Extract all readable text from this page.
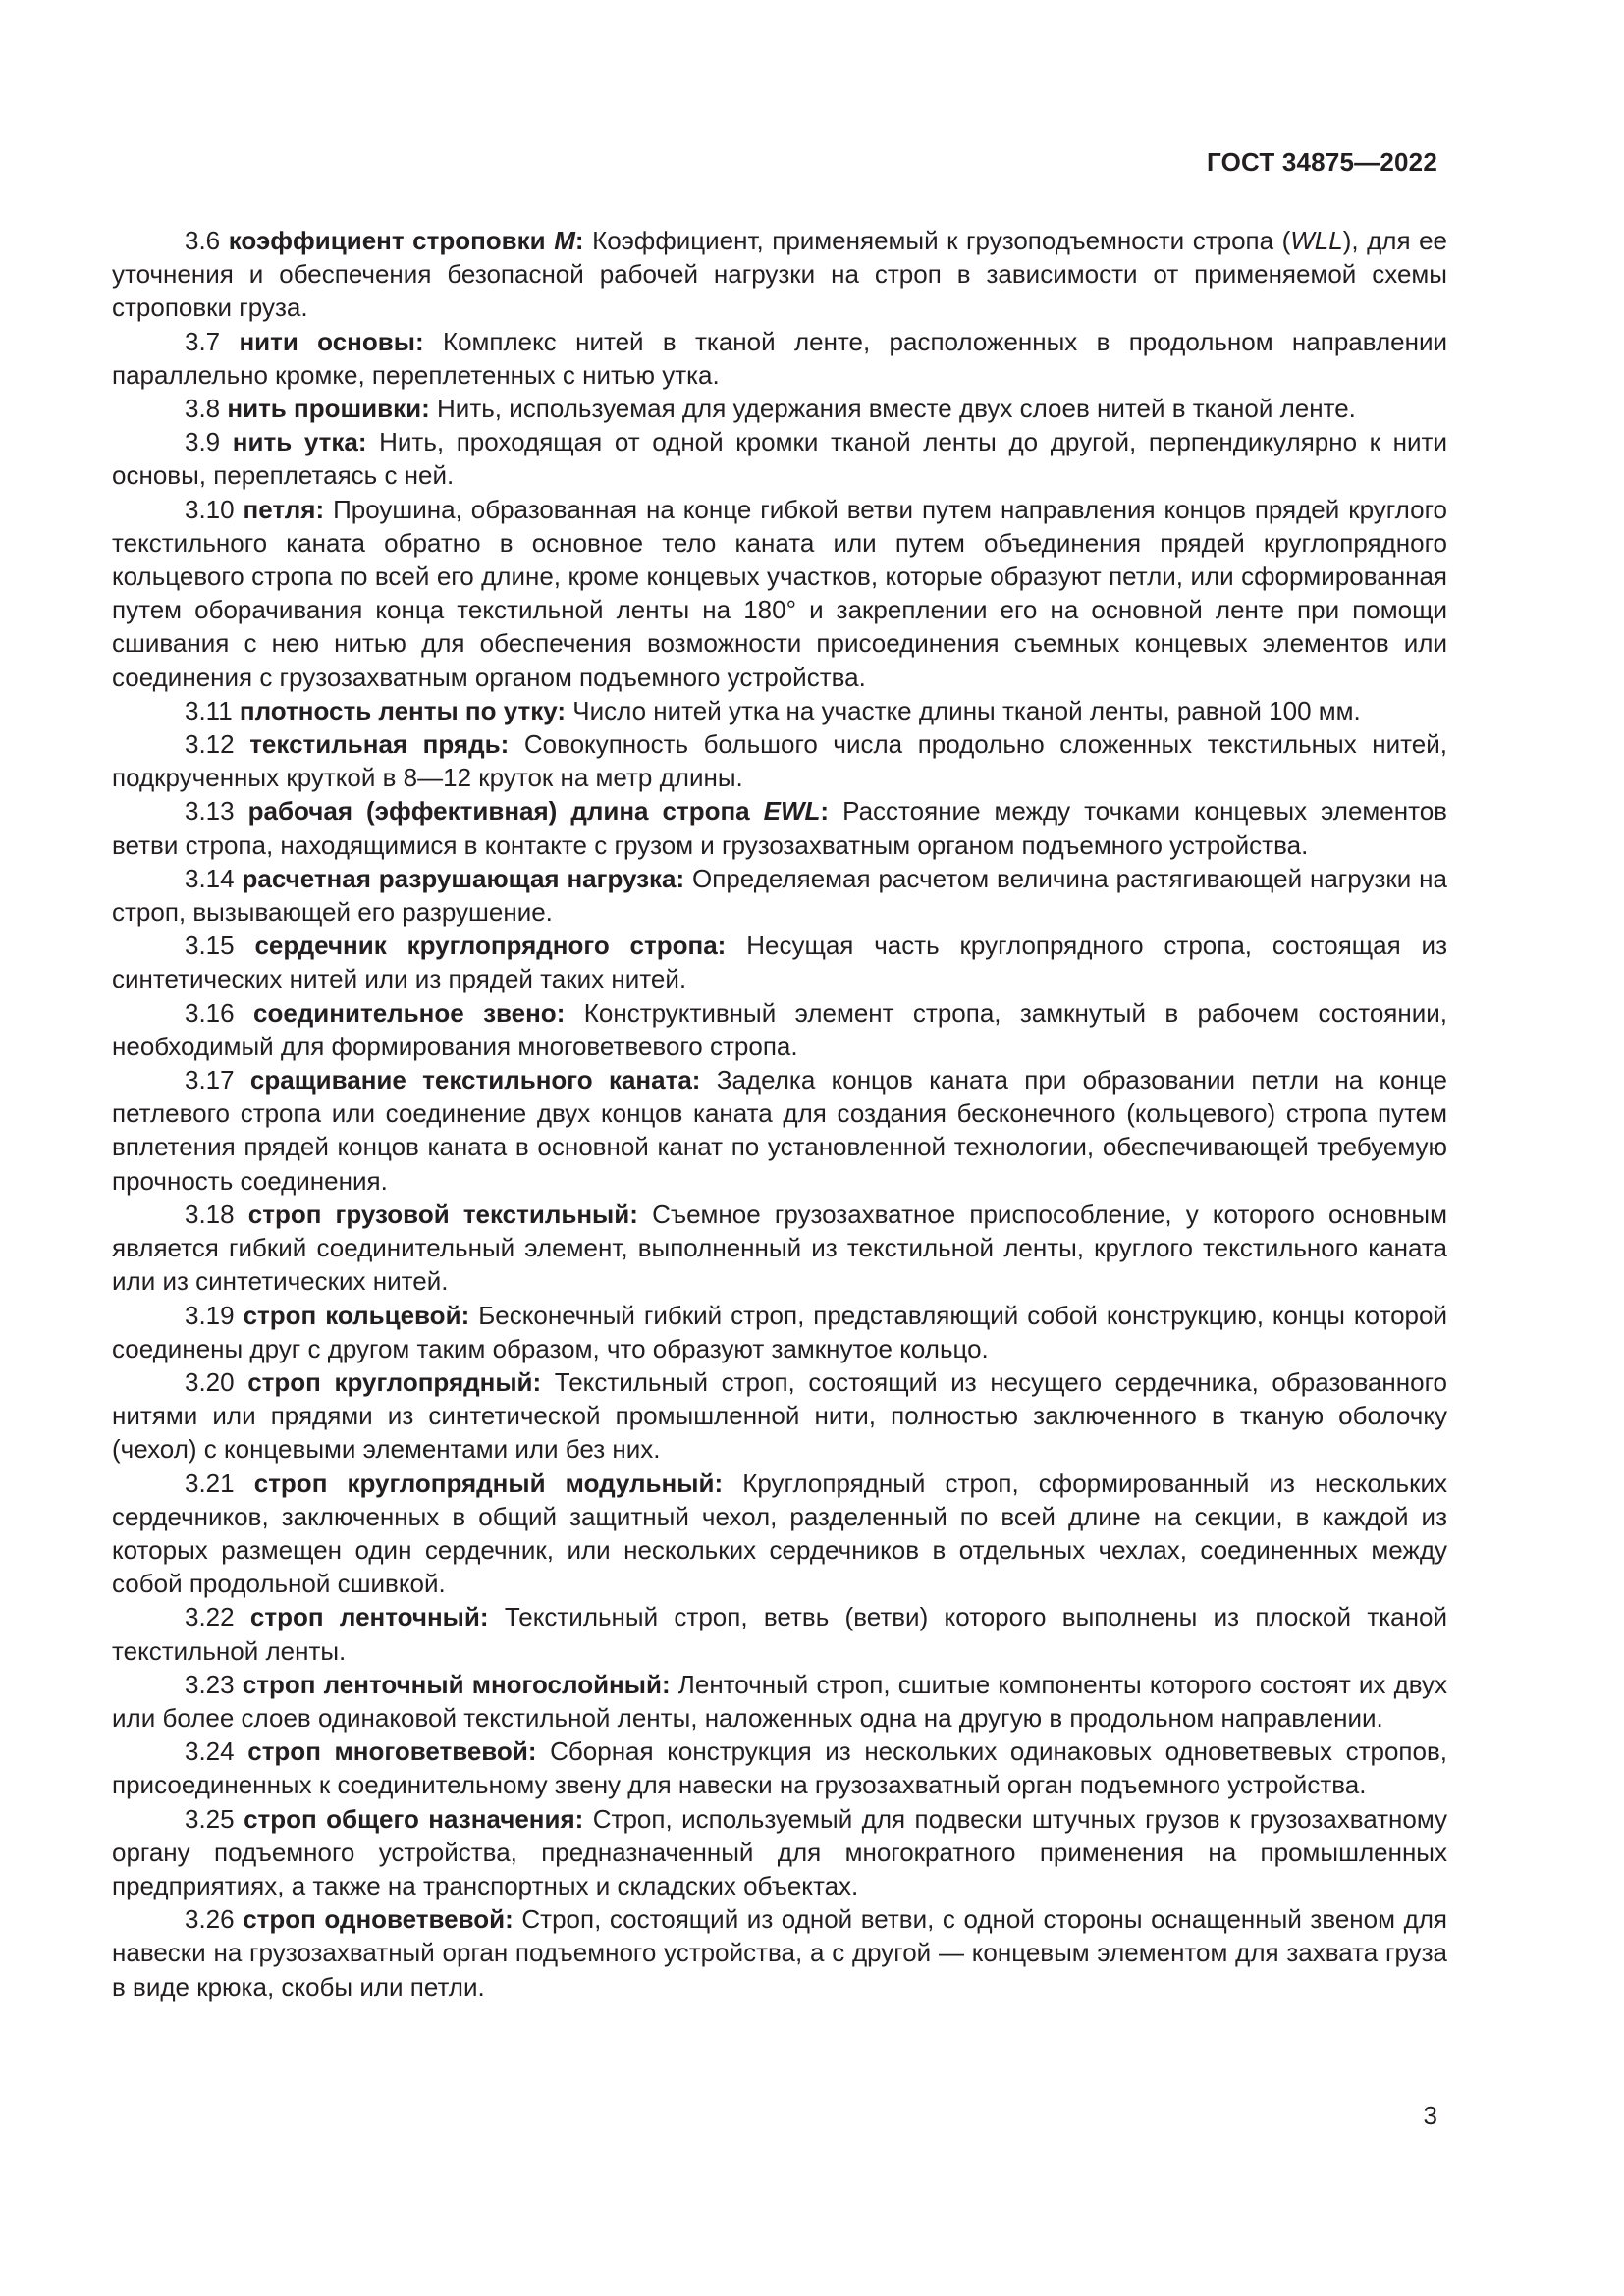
ГОСТ 34875—2022

3.6 коэффициент строповки M: Коэффициент, применяемый к грузоподъемности стропа (WLL), для ее уточнения и обеспечения безопасной рабочей нагрузки на строп в зависимости от применяемой схемы строповки груза.

3.7 нити основы: Комплекс нитей в тканой ленте, расположенных в продольном направлении параллельно кромке, переплетенных с нитью утка.

3.8 нить прошивки: Нить, используемая для удержания вместе двух слоев нитей в тканой ленте.

3.9 нить утка: Нить, проходящая от одной кромки тканой ленты до другой, перпендикулярно к нити основы, переплетаясь с ней.

3.10 петля: Проушина, образованная на конце гибкой ветви путем направления концов прядей круглого текстильного каната обратно в основное тело каната или путем объединения прядей круглопрядного кольцевого стропа по всей его длине, кроме концевых участков, которые образуют петли, или сформированная путем оборачивания конца текстильной ленты на 180° и закреплении его на основной ленте при помощи сшивания с нею нитью для обеспечения возможности присоединения съемных концевых элементов или соединения с грузозахватным органом подъемного устройства.

3.11 плотность ленты по утку: Число нитей утка на участке длины тканой ленты, равной 100 мм.

3.12 текстильная прядь: Совокупность большого числа продольно сложенных текстильных нитей, подкрученных круткой в 8—12 круток на метр длины.

3.13 рабочая (эффективная) длина стропа EWL: Расстояние между точками концевых элементов ветви стропа, находящимися в контакте с грузом и грузозахватным органом подъемного устройства.

3.14 расчетная разрушающая нагрузка: Определяемая расчетом величина растягивающей нагрузки на строп, вызывающей его разрушение.

3.15 сердечник круглопрядного стропа: Несущая часть круглопрядного стропа, состоящая из синтетических нитей или из прядей таких нитей.

3.16 соединительное звено: Конструктивный элемент стропа, замкнутый в рабочем состоянии, необходимый для формирования многоветвевого стропа.

3.17 сращивание текстильного каната: Заделка концов каната при образовании петли на конце петлевого стропа или соединение двух концов каната для создания бесконечного (кольцевого) стропа путем вплетения прядей концов каната в основной канат по установленной технологии, обеспечивающей требуемую прочность соединения.

3.18 строп грузовой текстильный: Съемное грузозахватное приспособление, у которого основным является гибкий соединительный элемент, выполненный из текстильной ленты, круглого текстильного каната или из синтетических нитей.

3.19 строп кольцевой: Бесконечный гибкий строп, представляющий собой конструкцию, концы которой соединены друг с другом таким образом, что образуют замкнутое кольцо.

3.20 строп круглопрядный: Текстильный строп, состоящий из несущего сердечника, образованного нитями или прядями из синтетической промышленной нити, полностью заключенного в тканую оболочку (чехол) с концевыми элементами или без них.

3.21 строп круглопрядный модульный: Круглопрядный строп, сформированный из нескольких сердечников, заключенных в общий защитный чехол, разделенный по всей длине на секции, в каждой из которых размещен один сердечник, или нескольких сердечников в отдельных чехлах, соединенных между собой продольной сшивкой.

3.22 строп ленточный: Текстильный строп, ветвь (ветви) которого выполнены из плоской тканой текстильной ленты.

3.23 строп ленточный многослойный: Ленточный строп, сшитые компоненты которого состоят их двух или более слоев одинаковой текстильной ленты, наложенных одна на другую в продольном направлении.

3.24 строп многоветвевой: Сборная конструкция из нескольких одинаковых одноветвевых стропов, присоединенных к соединительному звену для навески на грузозахватный орган подъемного устройства.

3.25 строп общего назначения: Строп, используемый для подвески штучных грузов к грузозахватному органу подъемного устройства, предназначенный для многократного применения на промышленных предприятиях, а также на транспортных и складских объектах.

3.26 строп одноветвевой: Строп, состоящий из одной ветви, с одной стороны оснащенный звеном для навески на грузозахватный орган подъемного устройства, а с другой — концевым элементом для захвата груза в виде крюка, скобы или петли.

3
